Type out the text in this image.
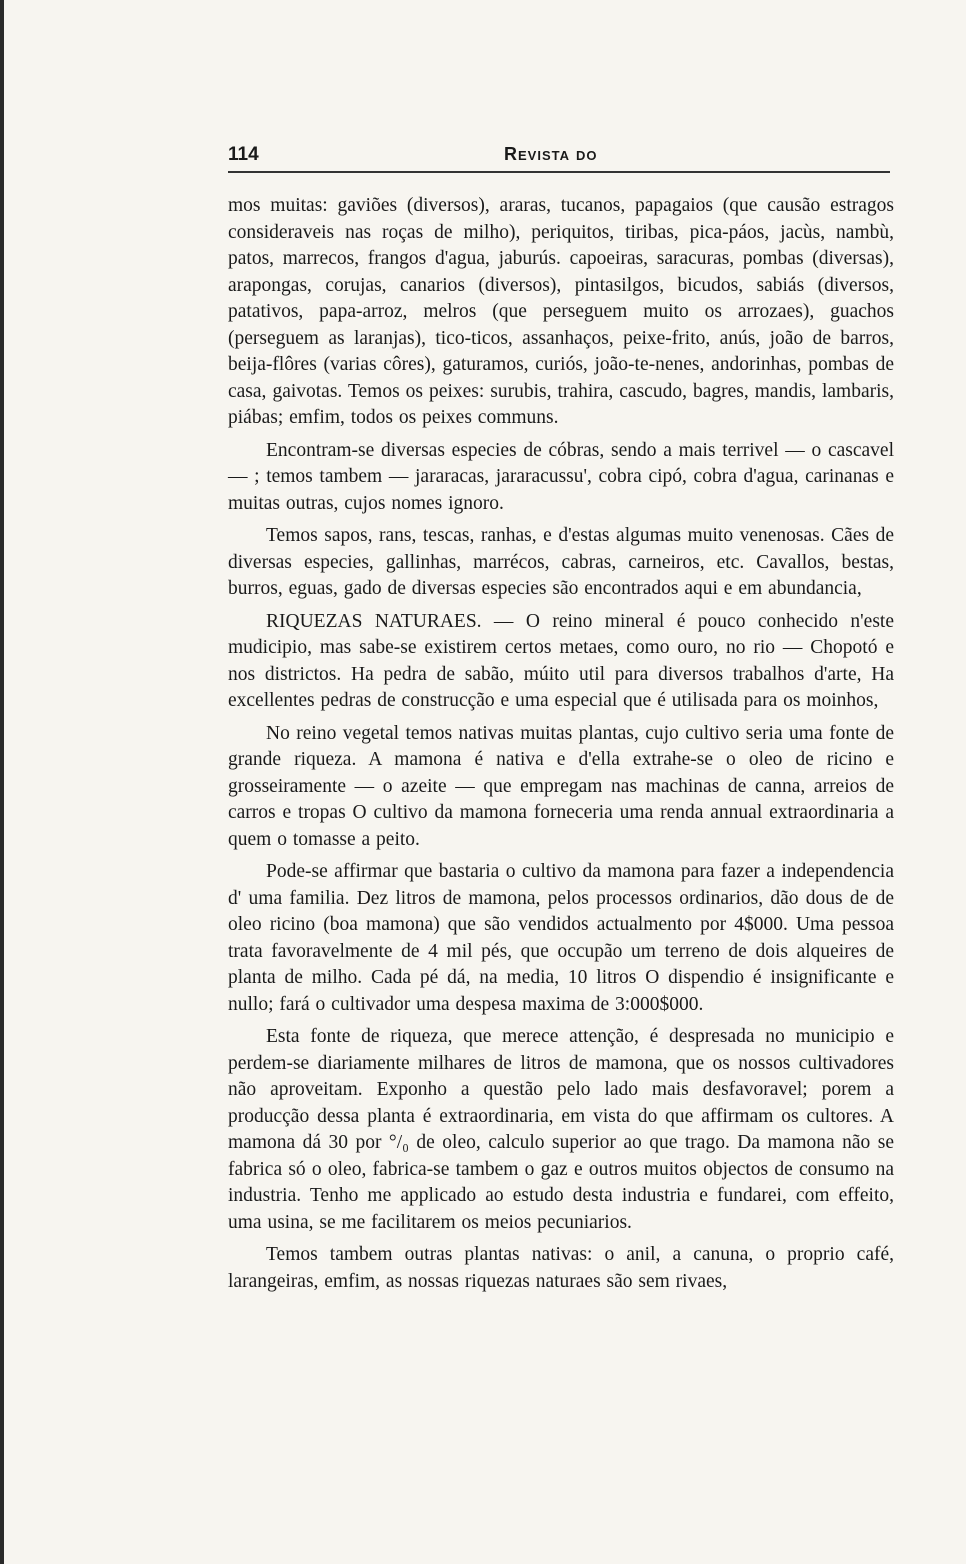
114	Revista do

mos muitas: gaviões (diversos), araras, tucanos, papagaios (que causão estragos consideraveis nas roças de milho), periquitos, tiribas, pica-páos, jacùs, nambù, patos, marrecos, frangos d'agua, jaburús. capoeiras, saracuras, pombas (diversas), arapongas, corujas, canarios (diversos), pintasilgos, bicudos, sabiás (diversos, patativos, papa-arroz, melros (que perseguem muito os arrozaes), guachos (perseguem as laranjas), tico-ticos, assanhaços, peixe-frito, anús, joão de barros, beija-flôres (varias côres), gaturamos, curiós, joão-te-nenes, andorinhas, pombas de casa, gaivotas. Temos os peixes: surubis, trahira, cascudo, bagres, mandis, lambaris, piábas; emfim, todos os peixes communs.

Encontram-se diversas especies de cóbras, sendo a mais terrivel — o cascavel — ; temos tambem — jararacas, jararacussu', cobra cipó, cobra d'agua, carinanas e muitas outras, cujos nomes ignoro.

Temos sapos, rans, tescas, ranhas, e d'estas algumas muito venenosas. Cães de diversas especies, gallinhas, marrécos, cabras, carneiros, etc. Cavallos, bestas, burros, eguas, gado de diversas especies são encontrados aqui e em abundancia,

RIQUEZAS NATURAES. — O reino mineral é pouco conhecido n'este mudicipio, mas sabe-se existirem certos metaes, como ouro, no rio — Chopotó e nos districtos. Ha pedra de sabão, múito util para diversos trabalhos d'arte, Ha excellentes pedras de construcção e uma especial que é utilisada para os moinhos,

No reino vegetal temos nativas muitas plantas, cujo cultivo seria uma fonte de grande riqueza. A mamona é nativa e d'ella extrahe-se o oleo de ricino e grosseiramente — o azeite — que empregam nas machinas de canna, arreios de carros e tropas O cultivo da mamona forneceria uma renda annual extraordinaria a quem o tomasse a peito.

Pode-se affirmar que bastaria o cultivo da mamona para fazer a independencia d' uma familia. Dez litros de mamona, pelos processos ordinarios, dão dous de de oleo ricino (boa mamona) que são vendidos actualmento por 4$000. Uma pessoa trata favoravelmente de 4 mil pés, que occupão um terreno de dois alqueires de planta de milho. Cada pé dá, na media, 10 litros O dispendio é insignificante e nullo; fará o cultivador uma despesa maxima de 3:000$000.

Esta fonte de riqueza, que merece attenção, é despresada no municipio e perdem-se diariamente milhares de litros de mamona, que os nossos cultivadores não aproveitam. Exponho a questão pelo lado mais desfavoravel; porem a producção dessa planta é extraordinaria, em vista do que affirmam os cultores. A mamona dá 30 por °/₀ de oleo, calculo superior ao que trago. Da mamona não se fabrica só o oleo, fabrica-se tambem o gaz e outros muitos objectos de consumo na industria. Tenho me applicado ao estudo desta industria e fundarei, com effeito, uma usina, se me facilitarem os meios pecuniarios.

Temos tambem outras plantas nativas: o anil, a canuna, o proprio café, larangeiras, emfim, as nossas riquezas naturaes são sem rivaes,
